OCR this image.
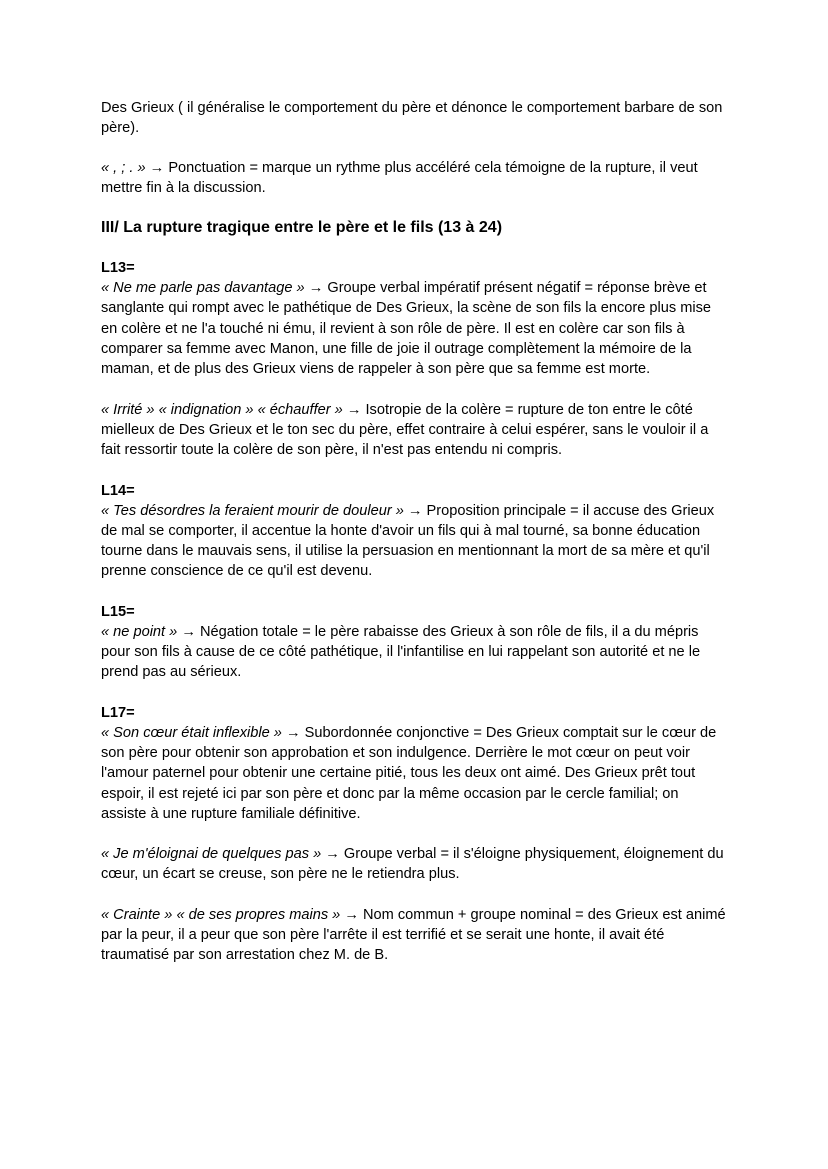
Des Grieux ( il généralise le comportement du père et dénonce le comportement barbare de son père).

« , ; . » → Ponctuation = marque un rythme plus accéléré cela témoigne de la rupture, il veut mettre fin à la discussion.

III/ La rupture tragique entre le père et le fils (13 à 24)

L13=

« Ne me parle pas davantage » → Groupe verbal impératif présent négatif = réponse brève et sanglante qui rompt avec le pathétique de Des Grieux, la scène de son fils la encore plus mise en colère et ne l'a touché ni ému, il revient à son rôle de père. Il est en colère car son fils à comparer sa femme avec Manon, une fille de joie il outrage complètement la mémoire de la maman, et de plus des Grieux viens de rappeler à son père que sa femme est morte.

« Irrité » « indignation » « échauffer » → Isotropie de la colère = rupture de ton entre le côté mielleux de Des Grieux et le ton sec du père, effet contraire à celui espérer, sans le vouloir il a fait ressortir toute la colère de son père, il n'est pas entendu ni compris.

L14=

« Tes désordres la feraient mourir de douleur » → Proposition principale = il accuse des Grieux de mal se comporter, il accentue la honte d'avoir un fils qui à mal tourné, sa bonne éducation tourne dans le mauvais sens, il utilise la persuasion en mentionnant la mort de sa mère et qu'il prenne conscience de ce qu'il est devenu.

L15=

« ne point » → Négation totale = le père rabaisse des Grieux à son rôle de fils, il a du mépris pour son fils à cause de ce côté pathétique, il l'infantilise en lui rappelant son autorité et ne le prend pas au sérieux.

L17=

« Son cœur était inflexible » → Subordonnée conjonctive = Des Grieux comptait sur le cœur de son père pour obtenir son approbation et son indulgence. Derrière le mot cœur on peut voir l'amour paternel pour obtenir une certaine pitié, tous les deux ont aimé. Des Grieux prêt tout espoir, il est rejeté ici par son père et donc par la même occasion par le cercle familial; on assiste à une rupture familiale définitive.

« Je m'éloignai de quelques pas » → Groupe verbal = il s'éloigne physiquement, éloignement du cœur, un écart se creuse, son père ne le retiendra plus.

« Crainte » « de ses propres mains » → Nom commun + groupe nominal = des Grieux est animé par la peur, il a peur que son père l'arrête il est terrifié et se serait une honte, il avait été traumatisé par son arrestation chez M. de B.
